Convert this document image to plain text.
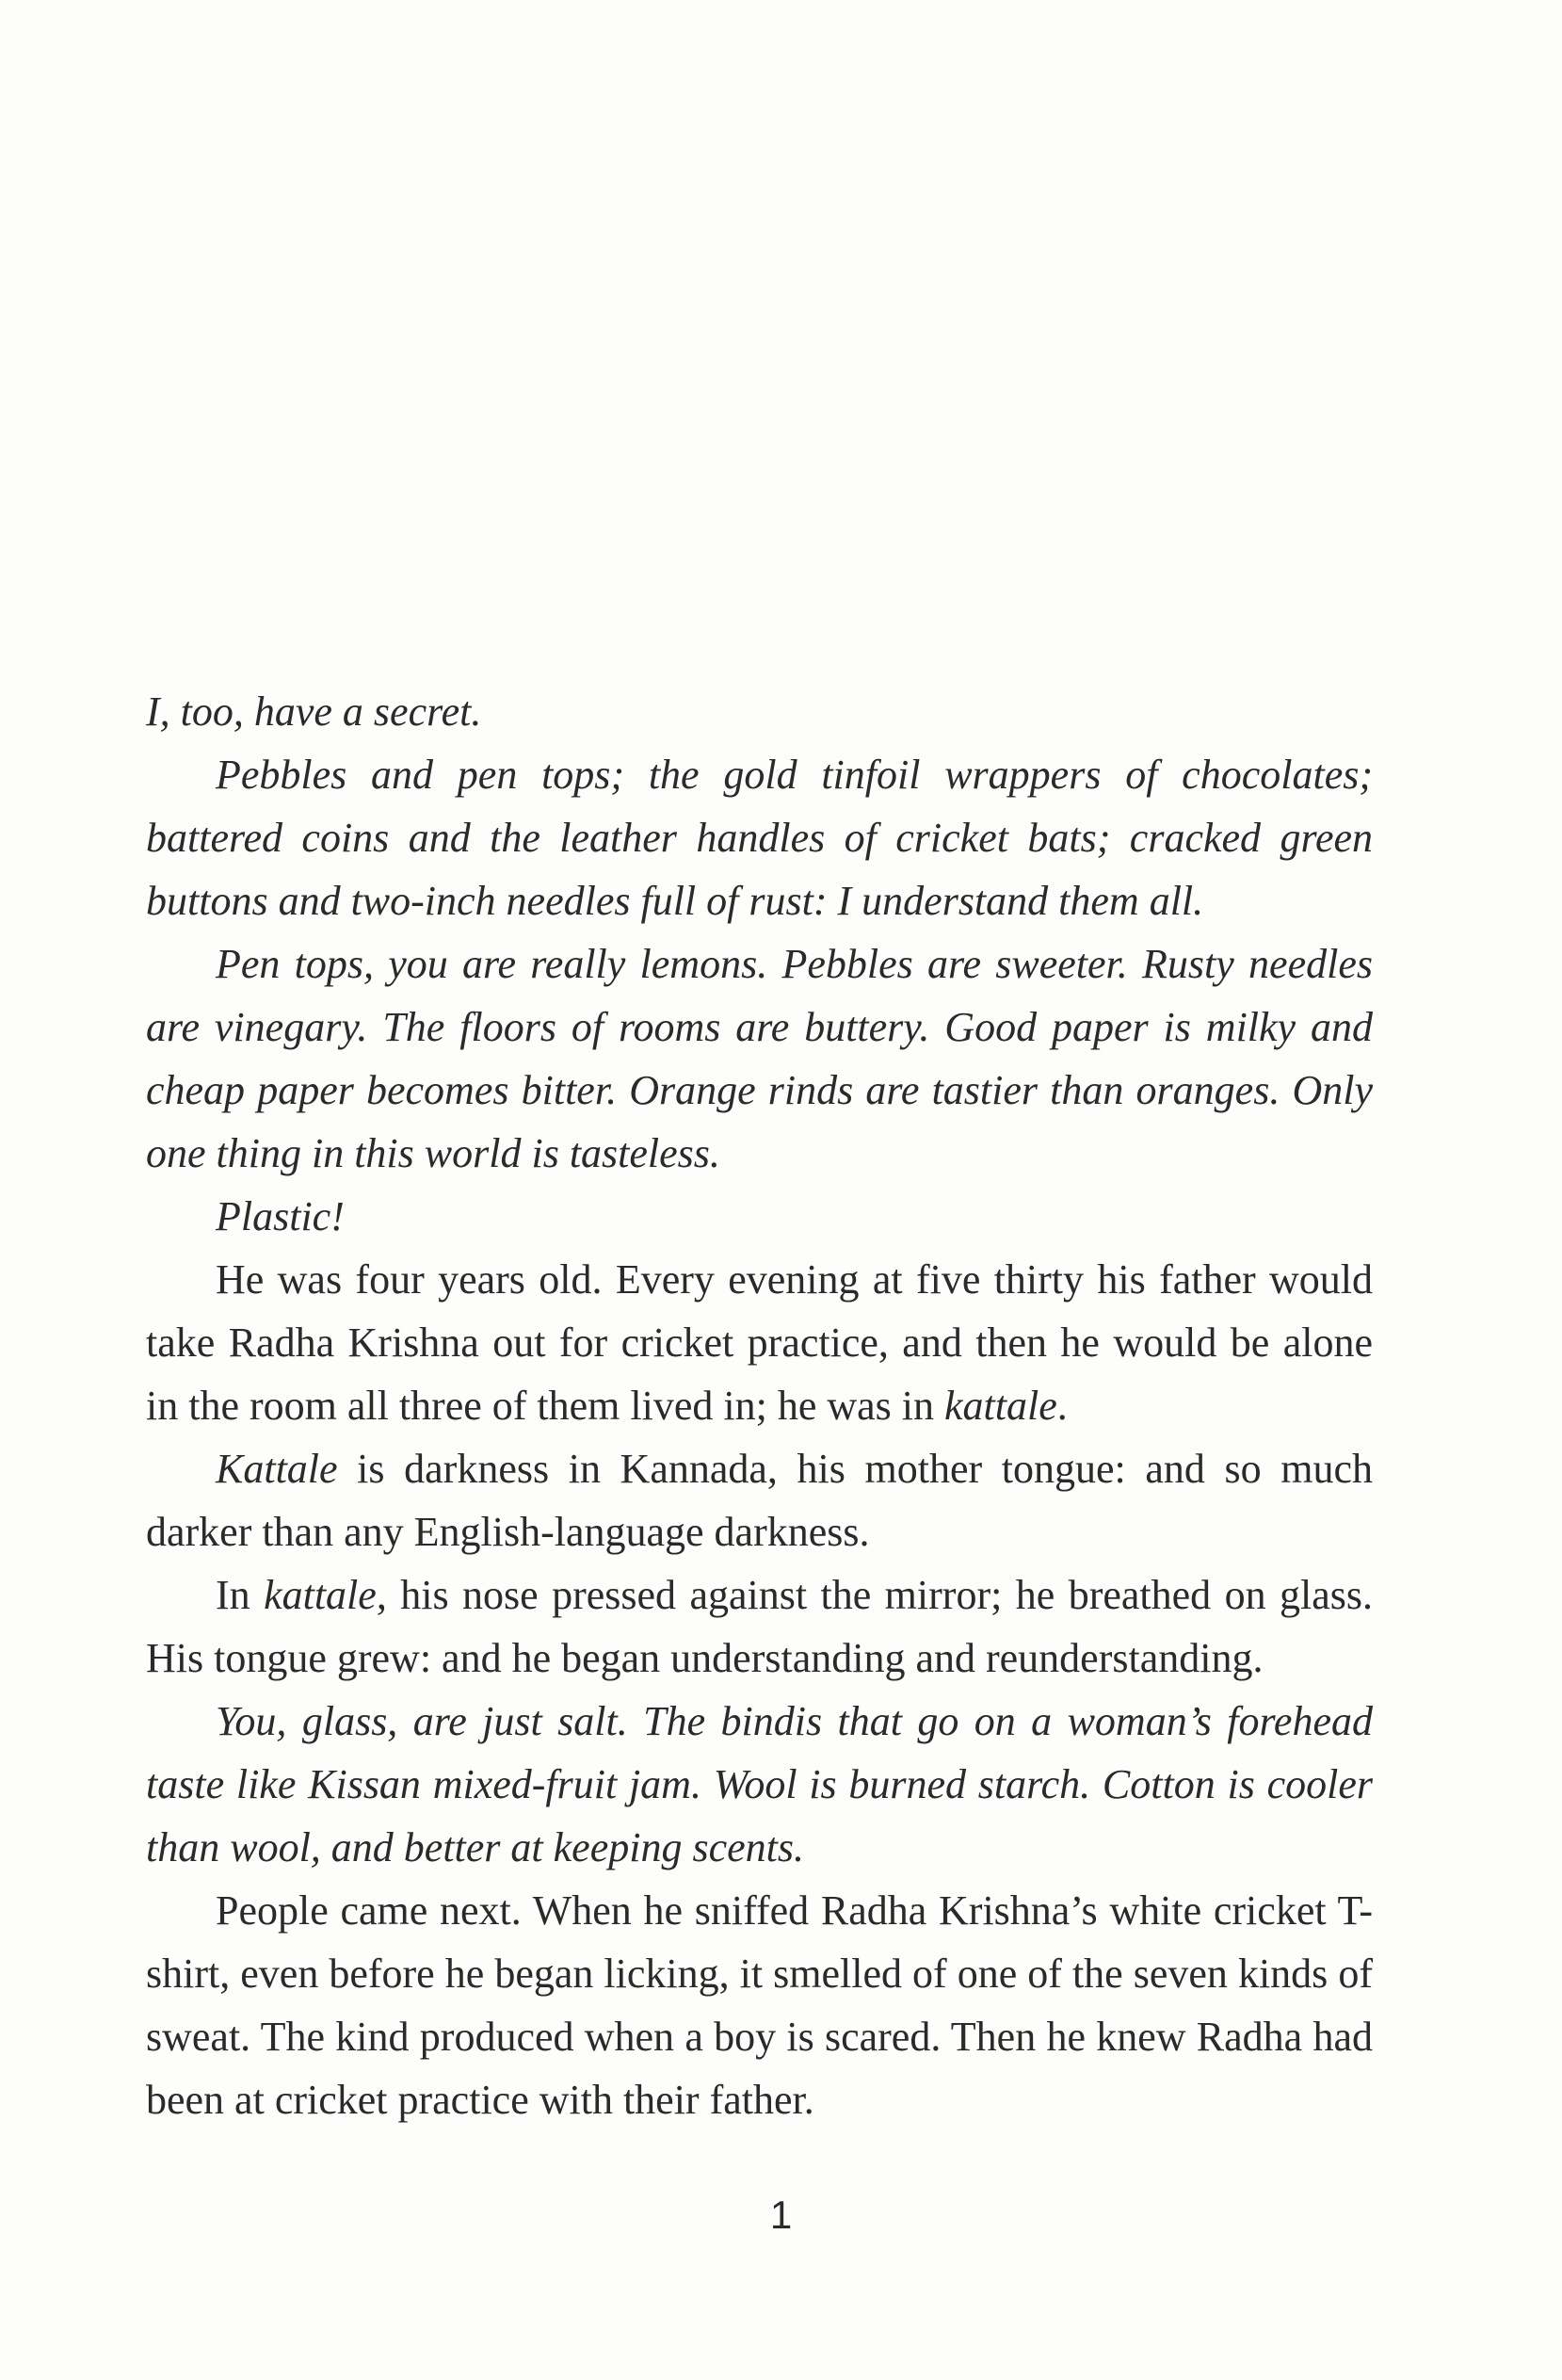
I, too, have a secret.

Pebbles and pen tops; the gold tinfoil wrappers of chocolates; battered coins and the leather handles of cricket bats; cracked green buttons and two-inch needles full of rust: I understand them all.

Pen tops, you are really lemons. Pebbles are sweeter. Rusty needles are vinegary. The floors of rooms are buttery. Good paper is milky and cheap paper becomes bitter. Orange rinds are tastier than oranges. Only one thing in this world is tasteless.

Plastic!

He was four years old. Every evening at five thirty his father would take Radha Krishna out for cricket practice, and then he would be alone in the room all three of them lived in; he was in kattale.

Kattale is darkness in Kannada, his mother tongue: and so much darker than any English-language darkness.

In kattale, his nose pressed against the mirror; he breathed on glass. His tongue grew: and he began understanding and reunderstanding.

You, glass, are just salt. The bindis that go on a woman’s forehead taste like Kissan mixed-fruit jam. Wool is burned starch. Cotton is cooler than wool, and better at keeping scents.

People came next. When he sniffed Radha Krishna’s white cricket T-shirt, even before he began licking, it smelled of one of the seven kinds of sweat. The kind produced when a boy is scared. Then he knew Radha had been at cricket practice with their father.

1
